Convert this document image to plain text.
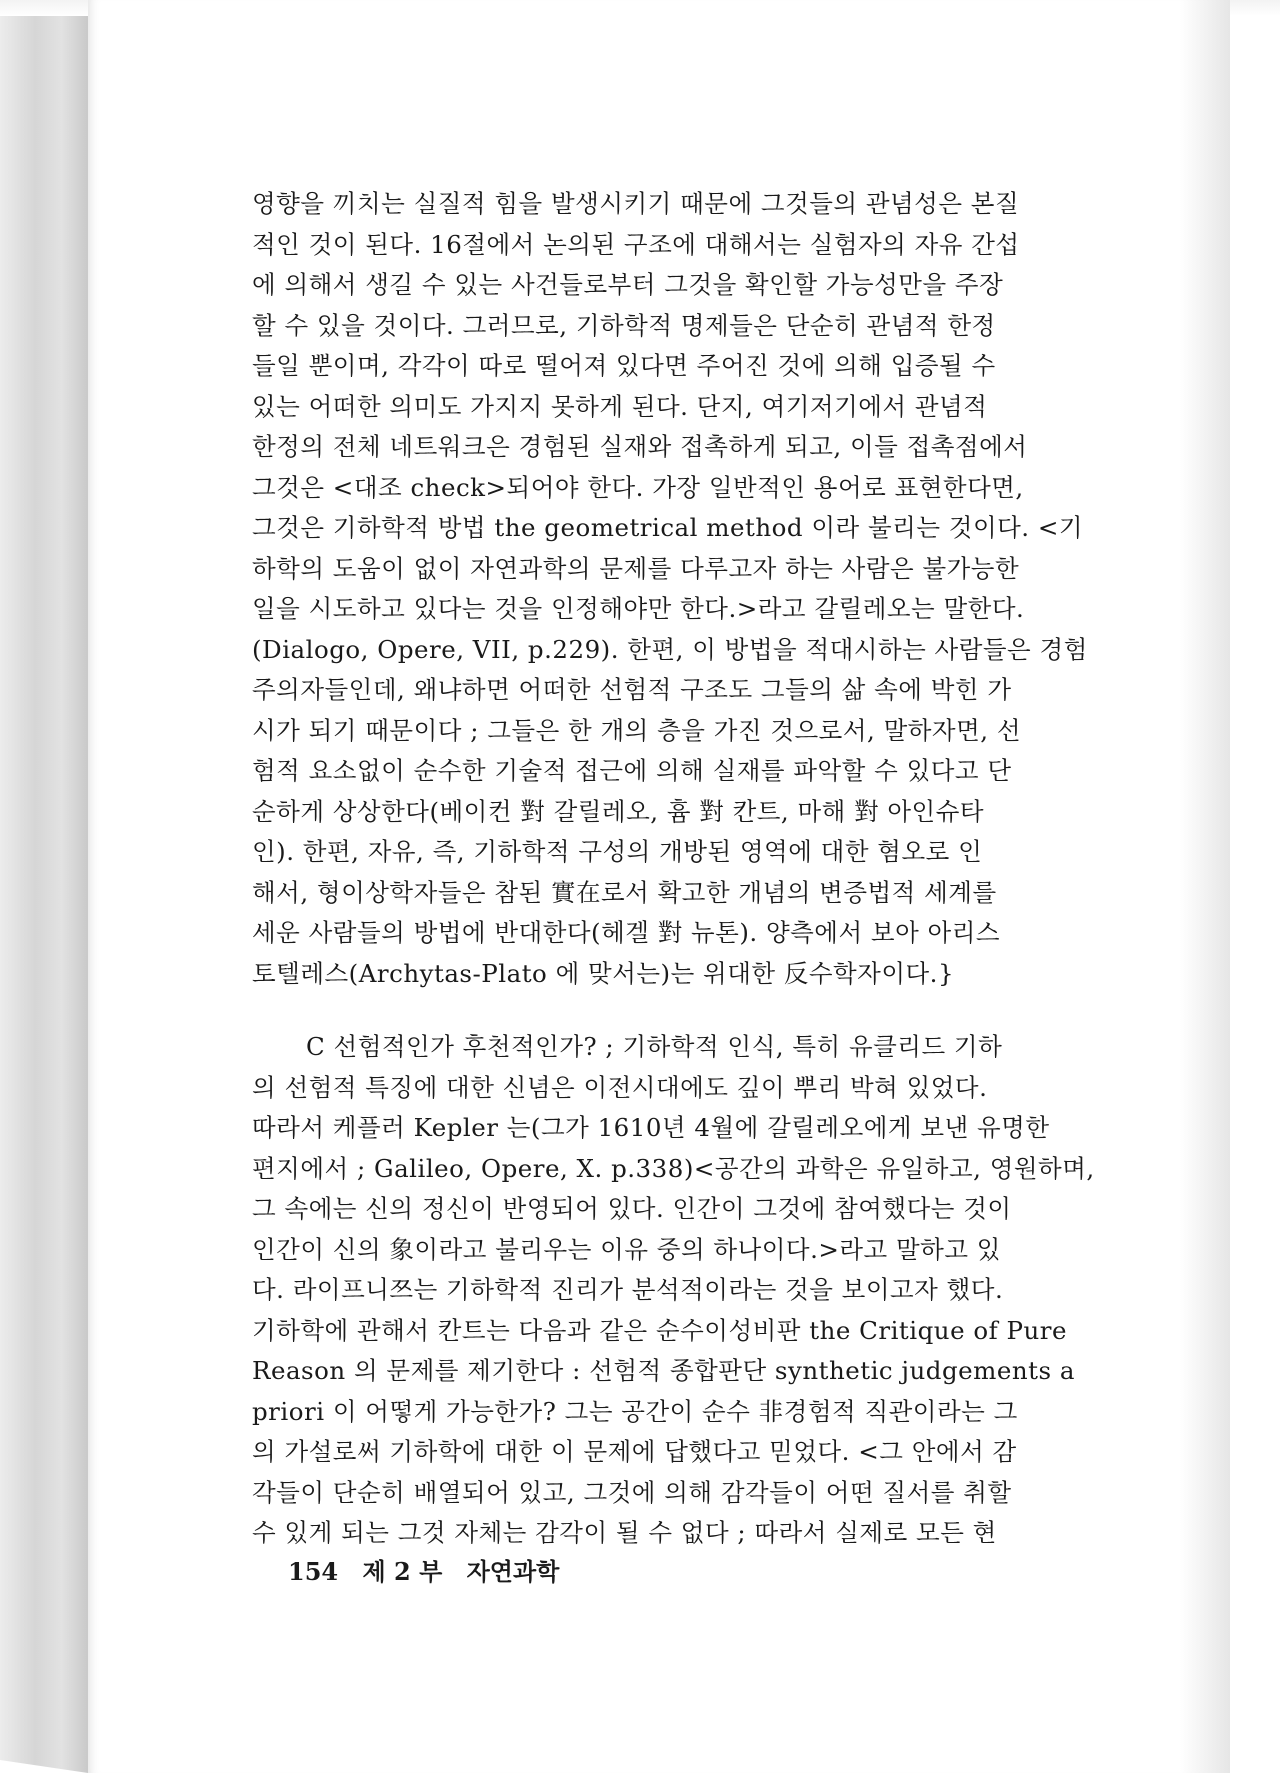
영향을 끼치는 실질적 힘을 발생시키기 때문에 그것들의 관념성은 본질
적인 것이 된다. 16절에서 논의된 구조에 대해서는 실험자의 자유 간섭
에 의해서 생길 수 있는 사건들로부터 그것을 확인할 가능성만을 주장
할 수 있을 것이다. 그러므로, 기하학적 명제들은 단순히 관념적 한정
들일 뿐이며, 각각이 따로 떨어져 있다면 주어진 것에 의해 입증될 수
있는 어떠한 의미도 가지지 못하게 된다. 단지, 여기저기에서 관념적
한정의 전체 네트워크은 경험된 실재와 접촉하게 되고, 이들 접촉점에서
그것은 <대조 check>되어야 한다. 가장 일반적인 용어로 표현한다면,
그것은 기하학적 방법 the geometrical method 이라 불리는 것이다. <기
하학의 도움이 없이 자연과학의 문제를 다루고자 하는 사람은 불가능한
일을 시도하고 있다는 것을 인정해야만 한다.>라고 갈릴레오는 말한다.
(Dialogo, Opere, VII, p.229). 한편, 이 방법을 적대시하는 사람들은 경험
주의자들인데, 왜냐하면 어떠한 선험적 구조도 그들의 삶 속에 박힌 가
시가 되기 때문이다 ; 그들은 한 개의 층을 가진 것으로서, 말하자면, 선
험적 요소없이 순수한 기술적 접근에 의해 실재를 파악할 수 있다고 단
순하게 상상한다(베이컨 對 갈릴레오, 흄 對 칸트, 마해 對 아인슈타
인). 한편, 자유, 즉, 기하학적 구성의 개방된 영역에 대한 혐오로 인
해서, 형이상학자들은 참된 實在로서 확고한 개념의 변증법적 세계를
세운 사람들의 방법에 반대한다(헤겔 對 뉴톤). 양측에서 보아 아리스
토텔레스(Archytas-Plato 에 맞서는)는 위대한 反수학자이다.}
C 선험적인가 후천적인가? ; 기하학적 인식, 특히 유클리드 기하
의 선험적 특징에 대한 신념은 이전시대에도 깊이 뿌리 박혀 있었다.
따라서 케플러 Kepler 는(그가 1610년 4월에 갈릴레오에게 보낸 유명한
편지에서 ; Galileo, Opere, X. p.338)<공간의 과학은 유일하고, 영원하며,
그 속에는 신의 정신이 반영되어 있다. 인간이 그것에 참여했다는 것이
인간이 신의 象이라고 불리우는 이유 중의 하나이다.>라고 말하고 있
다. 라이프니쯔는 기하학적 진리가 분석적이라는 것을 보이고자 했다.
기하학에 관해서 칸트는 다음과 같은 순수이성비판 the Critique of Pure
Reason 의 문제를 제기한다 : 선험적 종합판단 synthetic judgements a
priori 이 어떻게 가능한가? 그는 공간이 순수 非경험적 직관이라는 그
의 가설로써 기하학에 대한 이 문제에 답했다고 믿었다. <그 안에서 감
각들이 단순히 배열되어 있고, 그것에 의해 감각들이 어떤 질서를 취할
수 있게 되는 그것 자체는 감각이 될 수 없다 ; 따라서 실제로 모든 현
154 제 2 부 자연과학
